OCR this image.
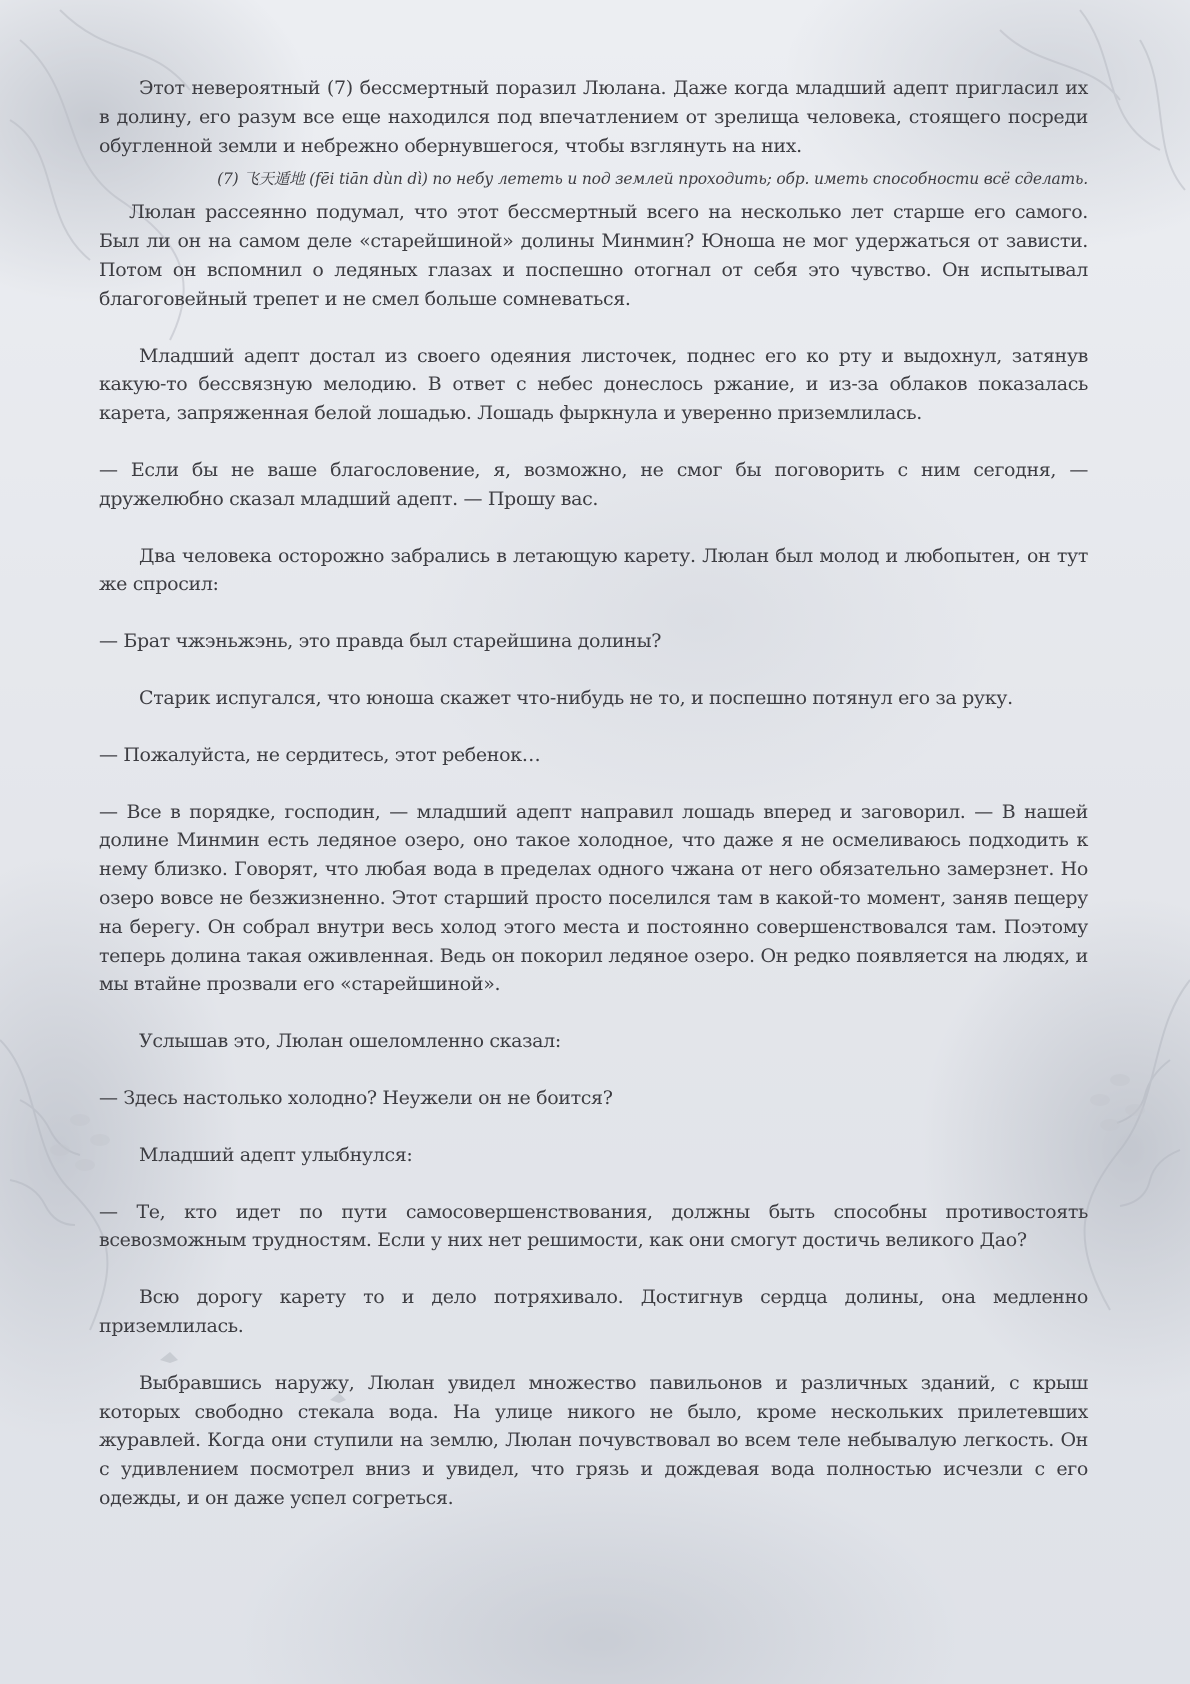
Этот невероятный (7) бессмертный поразил Люлана. Даже когда младший адепт пригласил их в долину, его разум все еще находился под впечатлением от зрелища человека, стоящего посреди обугленной земли и небрежно обернувшегося, чтобы взглянуть на них.

(7) 飞天遁地 (fēi tiān dùn dì) по небу лететь и под землей проходить; обр. иметь способности всё сделать.

Люлан рассеянно подумал, что этот бессмертный всего на несколько лет старше его самого. Был ли он на самом деле «старейшиной» долины Минмин? Юноша не мог удержаться от зависти. Потом он вспомнил о ледяных глазах и поспешно отогнал от себя это чувство. Он испытывал благоговейный трепет и не смел больше сомневаться.

Младший адепт достал из своего одеяния листочек, поднес его ко рту и выдохнул, затянув какую-то бессвязную мелодию. В ответ с небес донеслось ржание, и из-за облаков показалась карета, запряженная белой лошадью. Лошадь фыркнула и уверенно приземлилась.

— Если бы не ваше благословение, я, возможно, не смог бы поговорить с ним сегодня, — дружелюбно сказал младший адепт. — Прошу вас.

Два человека осторожно забрались в летающую карету. Люлан был молод и любопытен, он тут же спросил:

— Брат чжэньжэнь, это правда был старейшина долины?

Старик испугался, что юноша скажет что-нибудь не то, и поспешно потянул его за руку.

— Пожалуйста, не сердитесь, этот ребенок…

— Все в порядке, господин, — младший адепт направил лошадь вперед и заговорил. — В нашей долине Минмин есть ледяное озеро, оно такое холодное, что даже я не осмеливаюсь подходить к нему близко. Говорят, что любая вода в пределах одного чжана от него обязательно замерзнет. Но озеро вовсе не безжизненно. Этот старший просто поселился там в какой-то момент, заняв пещеру на берегу. Он собрал внутри весь холод этого места и постоянно совершенствовался там. Поэтому теперь долина такая оживленная. Ведь он покорил ледяное озеро. Он редко появляется на людях, и мы втайне прозвали его «старейшиной».

Услышав это, Люлан ошеломленно сказал:

— Здесь настолько холодно? Неужели он не боится?

Младший адепт улыбнулся:

— Те, кто идет по пути самосовершенствования, должны быть способны противостоять всевозможным трудностям. Если у них нет решимости, как они смогут достичь великого Дао?

Всю дорогу карету то и дело потряхивало. Достигнув сердца долины, она медленно приземлилась.

Выбравшись наружу, Люлан увидел множество павильонов и различных зданий, с крыш которых свободно стекала вода. На улице никого не было, кроме нескольких прилетевших журавлей. Когда они ступили на землю, Люлан почувствовал во всем теле небывалую легкость. Он с удивлением посмотрел вниз и увидел, что грязь и дождевая вода полностью исчезли с его одежды, и он даже успел согреться.
